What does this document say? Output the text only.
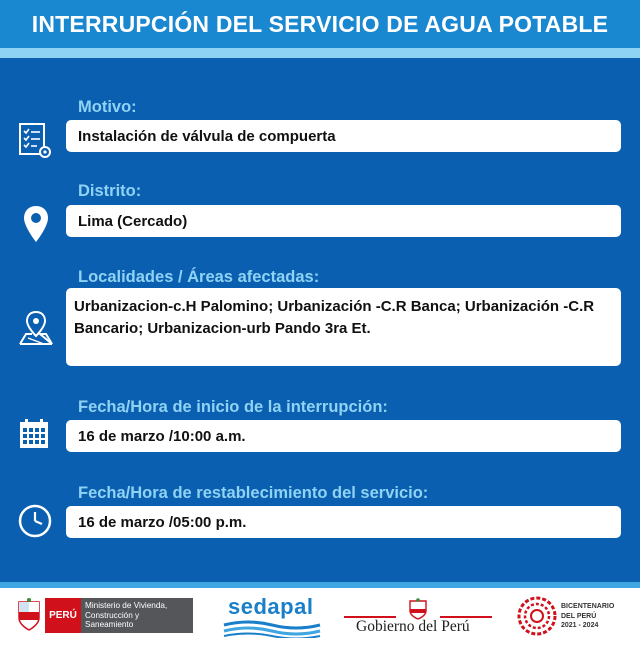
INTERRUPCIÓN DEL SERVICIO DE AGUA POTABLE
Motivo:
Instalación de válvula de compuerta
Distrito:
Lima (Cercado)
Localidades / Áreas afectadas:
Urbanizacion-c.H Palomino; Urbanización -C.R Banca; Urbanización -C.R Bancario; Urbanizacion-urb Pando 3ra Et.
Fecha/Hora de inicio de la interrupción:
16 de marzo /10:00 a.m.
Fecha/Hora de restablecimiento del servicio:
16 de marzo /05:00 p.m.
PERÚ
Ministerio de Vivienda, Construcción y Saneamiento
sedapal
Gobierno del Perú
BICENTENARIO
DEL PERÚ
2021 - 2024
